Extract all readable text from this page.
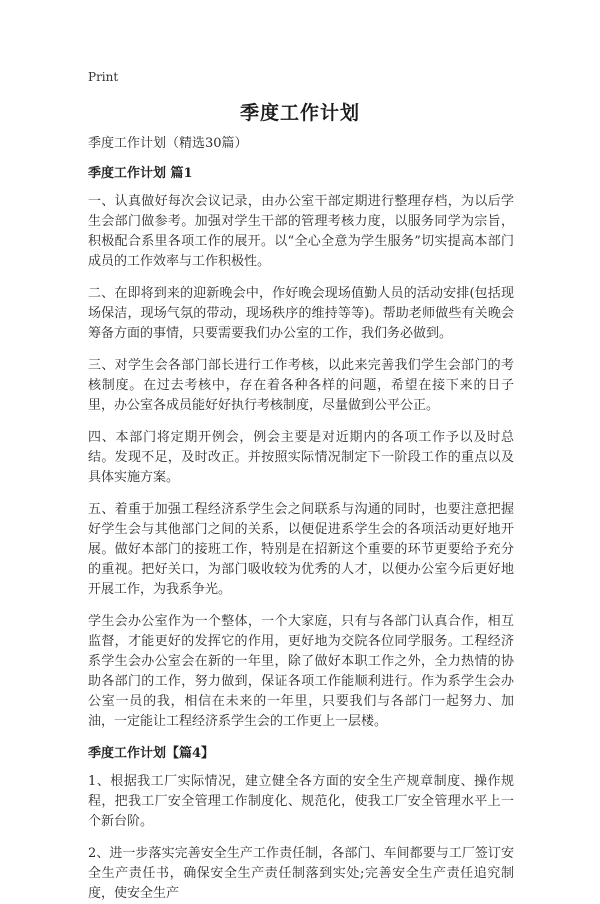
Print
季度工作计划

季度工作计划（精选30篇）

季度工作计划 篇1

一、认真做好每次会议记录，由办公室干部定期进行整理存档，为以后学生会部门做参考。加强对学生干部的管理考核力度，以服务同学为宗旨，积极配合系里各项工作的展开。以“全心全意为学生服务”切实提高本部门成员的工作效率与工作积极性。

二、在即将到来的迎新晚会中，作好晚会现场值勤人员的活动安排(包括现场保洁，现场气氛的带动，现场秩序的维持等等)。帮助老师做些有关晚会筹备方面的事情，只要需要我们办公室的工作，我们务必做到。

三、对学生会各部门部长进行工作考核，以此来完善我们学生会部门的考核制度。在过去考核中，存在着各种各样的问题，希望在接下来的日子里，办公室各成员能好好执行考核制度，尽量做到公平公正。

四、本部门将定期开例会，例会主要是对近期内的各项工作予以及时总结。发现不足，及时改正。并按照实际情况制定下一阶段工作的重点以及具体实施方案。

五、着重于加强工程经济系学生会之间联系与沟通的同时，也要注意把握好学生会与其他部门之间的关系，以便促进系学生会的各项活动更好地开展。做好本部门的接班工作，特别是在招新这个重要的环节更要给予充分的重视。把好关口，为部门吸收较为优秀的人才，以便办公室今后更好地开展工作，为我系争光。

学生会办公室作为一个整体，一个大家庭，只有与各部门认真合作，相互监督，才能更好的发挥它的作用，更好地为交院各位同学服务。工程经济系学生会办公室会在新的一年里，除了做好本职工作之外，全力热情的协助各部门的工作，努力做到，保证各项工作能顺利进行。作为系学生会办公室一员的我，相信在未来的一年里，只要我们与各部门一起努力、加油，一定能让工程经济系学生会的工作更上一层楼。

季度工作计划【篇4】

1、根据我工厂实际情况，建立健全各方面的安全生产规章制度、操作规程，把我工厂安全管理工作制度化、规范化，使我工厂安全管理水平上一个新台阶。

2、进一步落实完善安全生产工作责任制，各部门、车间都要与工厂签订安全生产责任书，确保安全生产责任制落到实处;完善安全生产责任追究制度，使安全生产
